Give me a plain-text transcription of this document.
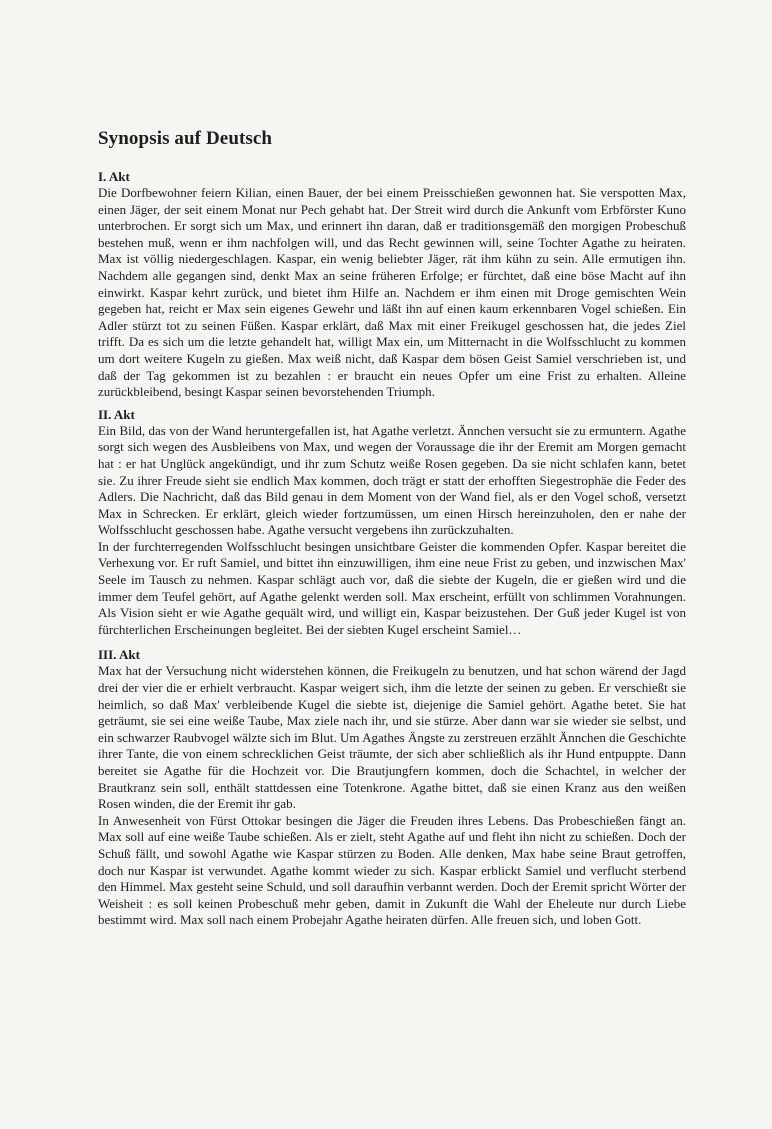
Synopsis auf Deutsch
I. Akt

Die Dorfbewohner feiern Kilian, einen Bauer, der bei einem Preisschießen gewonnen hat. Sie verspotten Max, einen Jäger, der seit einem Monat nur Pech gehabt hat. Der Streit wird durch die Ankunft vom Erbförster Kuno unterbrochen. Er sorgt sich um Max, und erinnert ihn daran, daß er traditionsgemäß den morgigen Probeschuß bestehen muß, wenn er ihm nachfolgen will, und das Recht gewinnen will, seine Tochter Agathe zu heiraten. Max ist völlig niedergeschlagen. Kaspar, ein wenig beliebter Jäger, rät ihm kühn zu sein. Alle ermutigen ihn. Nachdem alle gegangen sind, denkt Max an seine früheren Erfolge; er fürchtet, daß eine böse Macht auf ihn einwirkt. Kaspar kehrt zurück, und bietet ihm Hilfe an. Nachdem er ihm einen mit Droge gemischten Wein gegeben hat, reicht er Max sein eigenes Gewehr und läßt ihn auf einen kaum erkennbaren Vogel schießen. Ein Adler stürzt tot zu seinen Füßen. Kaspar erklärt, daß Max mit einer Freikugel geschossen hat, die jedes Ziel trifft. Da es sich um die letzte gehandelt hat, willigt Max ein, um Mitternacht in die Wolfsschlucht zu kommen um dort weitere Kugeln zu gießen. Max weiß nicht, daß Kaspar dem bösen Geist Samiel verschrieben ist, und daß der Tag gekommen ist zu bezahlen : er braucht ein neues Opfer um eine Frist zu erhalten. Alleine zurückbleibend, besingt Kaspar seinen bevorstehenden Triumph.

II. Akt

Ein Bild, das von der Wand heruntergefallen ist, hat Agathe verletzt. Ännchen versucht sie zu ermuntern. Agathe sorgt sich wegen des Ausbleibens von Max, und wegen der Voraussage die ihr der Eremit am Morgen gemacht hat : er hat Unglück angekündigt, und ihr zum Schutz weiße Rosen gegeben. Da sie nicht schlafen kann, betet sie. Zu ihrer Freude sieht sie endlich Max kommen, doch trägt er statt der erhofften Siegestrophäe die Feder des Adlers. Die Nachricht, daß das Bild genau in dem Moment von der Wand fiel, als er den Vogel schoß, versetzt Max in Schrecken. Er erklärt, gleich wieder fortzumüssen, um einen Hirsch hereinzuholen, den er nahe der Wolfsschlucht geschossen habe. Agathe versucht vergebens ihn zurückzuhalten.

In der furchterregenden Wolfsschlucht besingen unsichtbare Geister die kommenden Opfer. Kaspar bereitet die Verhexung vor. Er ruft Samiel, und bittet ihn einzuwilligen, ihm eine neue Frist zu geben, und inzwischen Max' Seele im Tausch zu nehmen. Kaspar schlägt auch vor, daß die siebte der Kugeln, die er gießen wird und die immer dem Teufel gehört, auf Agathe gelenkt werden soll. Max erscheint, erfüllt von schlimmen Vorahnungen. Als Vision sieht er wie Agathe gequält wird, und willigt ein, Kaspar beizustehen. Der Guß jeder Kugel ist von fürchterlichen Erscheinungen begleitet. Bei der siebten Kugel erscheint Samiel…

III. Akt

Max hat der Versuchung nicht widerstehen können, die Freikugeln zu benutzen, und hat schon wärend der Jagd drei der vier die er erhielt verbraucht. Kaspar weigert sich, ihm die letzte der seinen zu geben. Er verschießt sie heimlich, so daß Max' verbleibende Kugel die siebte ist, diejenige die Samiel gehört. Agathe betet. Sie hat geträumt, sie sei eine weiße Taube, Max ziele nach ihr, und sie stürze. Aber dann war sie wieder sie selbst, und ein schwarzer Raubvogel wälzte sich im Blut. Um Agathes Ängste zu zerstreuen erzählt Ännchen die Geschichte ihrer Tante, die von einem schrecklichen Geist träumte, der sich aber schließlich als ihr Hund entpuppte. Dann bereitet sie Agathe für die Hochzeit vor. Die Brautjungfern kommen, doch die Schachtel, in welcher der Brautkranz sein soll, enthält stattdessen eine Totenkrone. Agathe bittet, daß sie einen Kranz aus den weißen Rosen winden, die der Eremit ihr gab.

In Anwesenheit von Fürst Ottokar besingen die Jäger die Freuden ihres Lebens. Das Probeschießen fängt an. Max soll auf eine weiße Taube schießen. Als er zielt, steht Agathe auf und fleht ihn nicht zu schießen. Doch der Schuß fällt, und sowohl Agathe wie Kaspar stürzen zu Boden. Alle denken, Max habe seine Braut getroffen, doch nur Kaspar ist verwundet. Agathe kommt wieder zu sich. Kaspar erblickt Samiel und verflucht sterbend den Himmel. Max gesteht seine Schuld, und soll daraufhin verbannt werden. Doch der Eremit spricht Wörter der Weisheit : es soll keinen Probeschuß mehr geben, damit in Zukunft die Wahl der Eheleute nur durch Liebe bestimmt wird. Max soll nach einem Probejahr Agathe heiraten dürfen. Alle freuen sich, und loben Gott.
